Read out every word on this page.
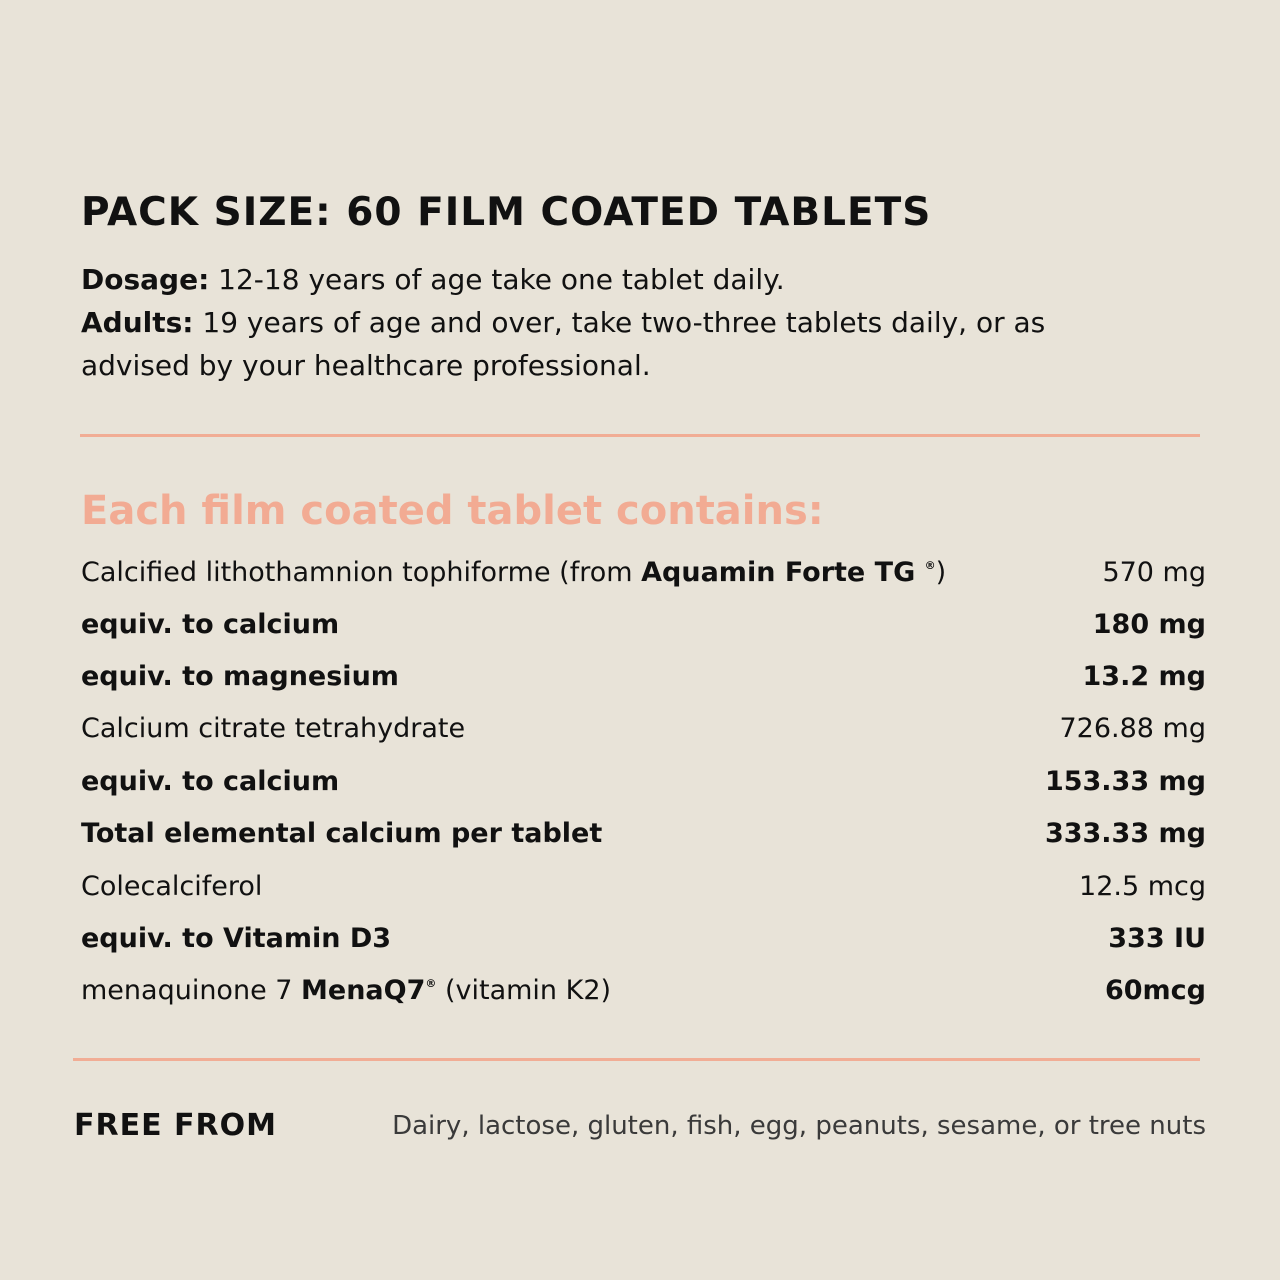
PACK SIZE: 60 FILM COATED TABLETS
Dosage: 12-18 years of age take one tablet daily.
Adults: 19 years of age and over, take two-three tablets daily, or as
advised by your healthcare professional.
Each film coated tablet contains:
Calcified lithothamnion tophiforme (from Aquamin Forte TG ®)	570 mg
equiv. to calcium	180 mg
equiv. to magnesium	13.2 mg
Calcium citrate tetrahydrate	726.88 mg
equiv. to calcium	153.33 mg
Total elemental calcium per tablet	333.33 mg
Colecalciferol	12.5 mcg
equiv. to Vitamin D3	333 IU
menaquinone 7 MenaQ7® (vitamin K2)	60mcg
FREE FROM	Dairy, lactose, gluten, fish, egg, peanuts, sesame, or tree nuts
